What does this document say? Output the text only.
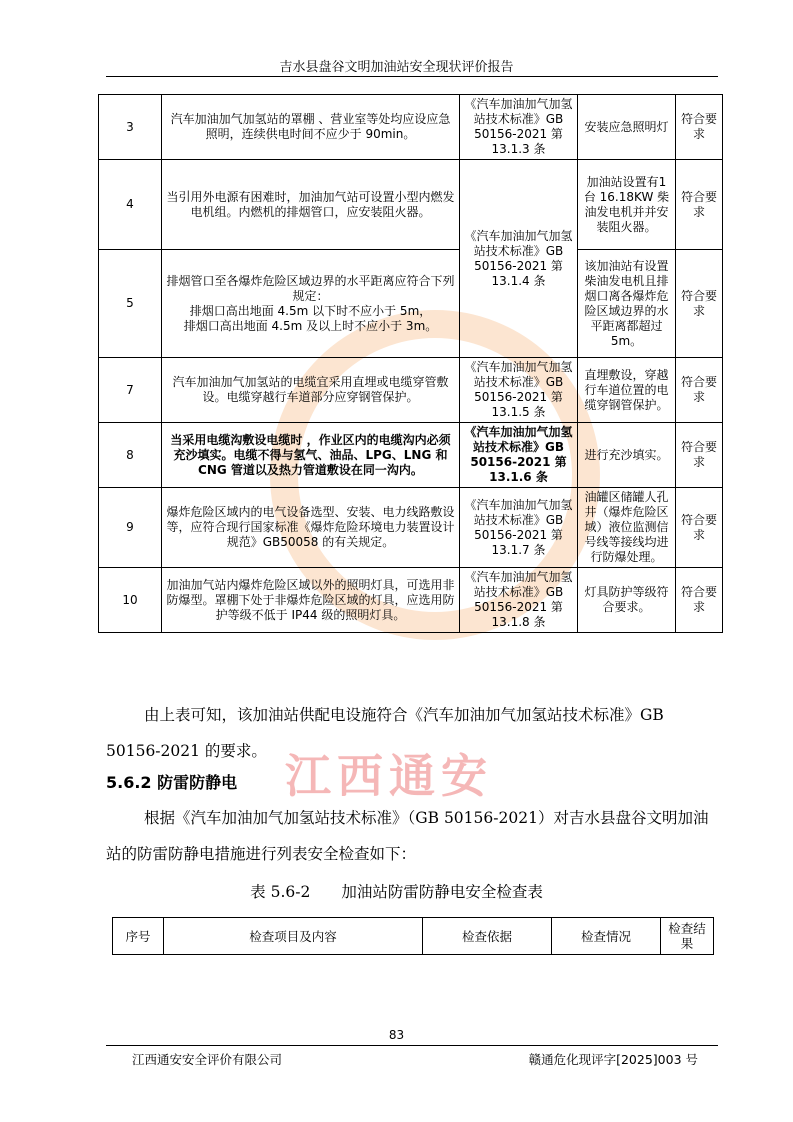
吉水县盘谷文明加油站安全现状评价报告
3	汽车加油加气加氢站的罩棚 、营业室等处均应设应急照明，连续供电时间不应少于 90min。	《汽车加油加气加氢站技术标准》GB 50156-2021 第13.1.3 条	安装应急照明灯	符合要求
4	当引用外电源有困难时，加油加气站可设置小型内燃发电机组。内燃机的排烟管口，应安装阻火器。	《汽车加油加气加氢站技术标准》GB 50156-2021 第13.1.4 条	加油站设置有1 台 16.18KW 柴油发电机并并安装阻火器。	符合要求
5	排烟管口至各爆炸危险区域边界的水平距离应符合下列规定：
排烟口高出地面 4.5m 以下时不应小于 5m，
排烟口高出地面 4.5m 及以上时不应小于 3m。		该加油站有设置柴油发电机且排烟口离各爆炸危险区域边界的水平距离都超过 5m。	符合要求
7	汽车加油加气加氢站的电缆宜采用直埋或电缆穿管敷设。电缆穿越行车道部分应穿钢管保护。	《汽车加油加气加氢站技术标准》GB 50156-2021 第13.1.5 条	直埋敷设，穿越行车道位置的电缆穿钢管保护。	符合要求
8	当采用电缆沟敷设电缆时 ，作业区内的电缆沟内必须充沙填实。电缆不得与氢气、油品、LPG、LNG 和 CNG 管道以及热力管道敷设在同一沟内。	《汽车加油加气加氢站技术标准》GB 50156-2021 第13.1.6 条	进行充沙填实。	符合要求
9	爆炸危险区域内的电气设备选型、安装、电力线路敷设等，应符合现行国家标准《爆炸危险环境电力装置设计规范》GB50058 的有关规定。	《汽车加油加气加氢站技术标准》GB 50156-2021 第13.1.7 条	油罐区储罐人孔井（爆炸危险区域）液位监测信号线等接线均进行防爆处理。	符合要求
10	加油加气站内爆炸危险区域以外的照明灯具，可选用非防爆型。罩棚下处于非爆炸危险区域的灯具，应选用防护等级不低于 IP44 级的照明灯具。	《汽车加油加气加氢站技术标准》GB 50156-2021 第13.1.8 条	灯具防护等级符合要求。	符合要求
由上表可知，该加油站供配电设施符合《汽车加油加气加氢站技术标准》GB 50156-2021 的要求。
5.6.2 防雷防静电
根据《汽车加油加气加氢站技术标准》（GB 50156-2021）对吉水县盘谷文明加油站的防雷防静电措施进行列表安全检查如下：
表 5.6-2　　加油站防雷防静电安全检查表
序号	检查项目及内容	检查依据	检查情况	检查结果
江西通安
83
江西通安安全评价有限公司	赣通危化现评字[2025]003 号
